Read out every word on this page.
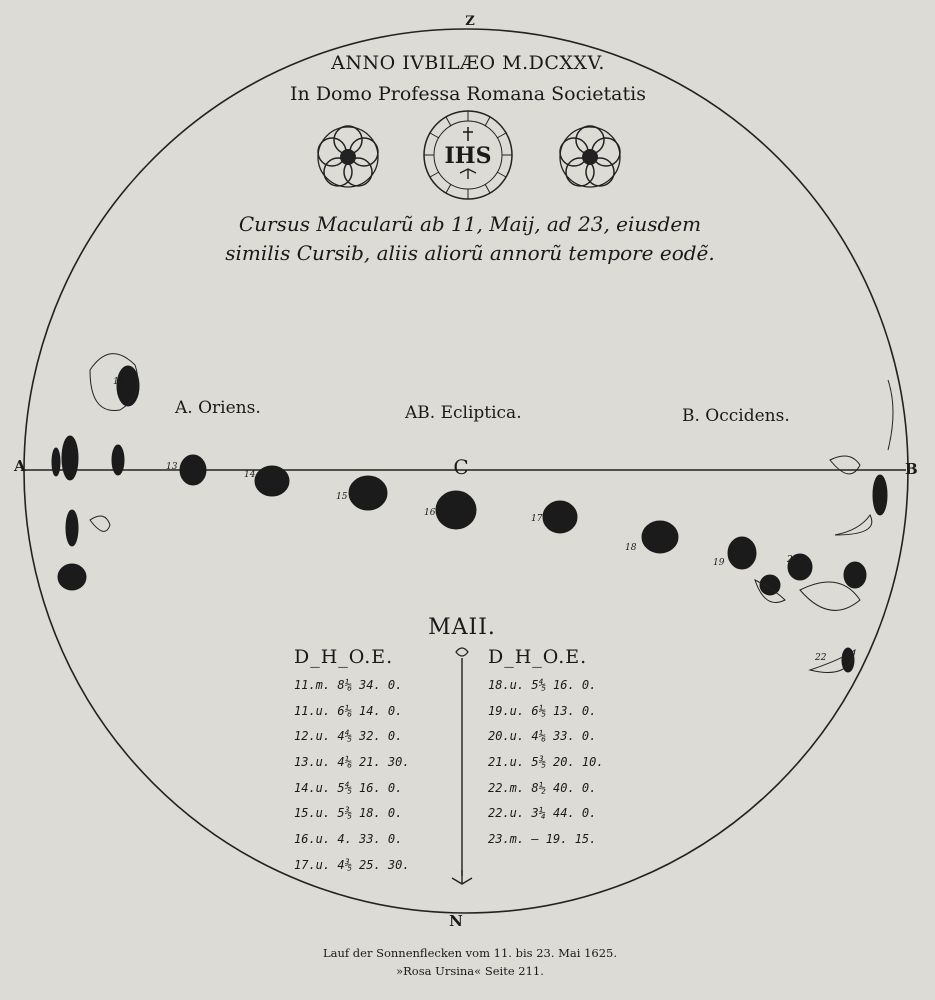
ANNO IVBILÆO M.DCXXV.
In Domo Professa Romana Societatis
IHS
Cursus Macularũ ab 11, Maij, ad 23, eiusdem
similis Cursib, aliis aliorũ annorũ tempore eodẽ.
Z
N
A	B
C
A. Oriens.	AB. Ecliptica.	B. Occidens.
13
14
15
16
17
18
19	20
12
22
MAII.
D_H_O.E.	D_H_O.E.
11.m. 8⅙ 34. 0.
11.u. 6⅙ 14. 0.
12.u. 4⅘ 32. 0.
13.u. 4⅙ 21. 30.
14.u. 5⅘ 16. 0.
15.u. 5⅗ 18. 0.
16.u. 4. 33. 0.
17.u. 4⅗ 25. 30.
18.u. 5⅘ 16. 0.
19.u. 6⅕ 13. 0.
20.u. 4⅙ 33. 0.
21.u. 5⅗ 20. 10.
22.m. 8½ 40. 0.
22.u. 3¼ 44. 0.
23.m. — 19. 15.
Lauf der Sonnenflecken vom 11. bis 23. Mai 1625.
»Rosa Ursina« Seite 211.
